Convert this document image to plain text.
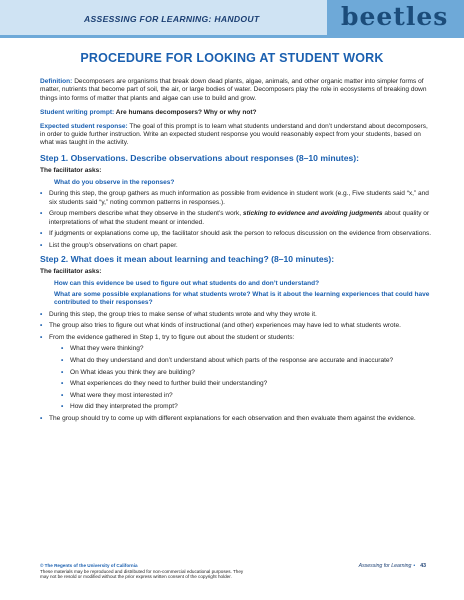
ASSESSING FOR LEARNING: HANDOUT	beetles
PROCEDURE FOR LOOKING AT STUDENT WORK

Definition: Decomposers are organisms that break down dead plants, algae, animals, and other organic matter into simpler forms of matter, nutrients that become part of soil, the air, or large bodies of water. Decomposers play the role in ecosystems of breaking down things into forms of matter that plants and algae can use to build and grow.

Student writing prompt: Are humans decomposers? Why or why not?

Expected student response: The goal of this prompt is to learn what students understand and don’t understand about decomposers, in order to guide further instruction. Write an expected student response you would reasonably expect from your students, based on what was taught in the activity.

Step 1. Observations. Describe observations about responses (8–10 minutes):

The facilitator asks:

What do you observe in the reponses?

• During this step, the group gathers as much information as possible from evidence in student work (e.g., Five students said “x,” and six students said “y,” noting common patterns in responses.).
• Group members describe what they observe in the student’s work, sticking to evidence and avoiding judgments about quality or interpretations of what the student meant or intended.
• If judgments or explanations come up, the facilitator should ask the person to refocus discussion on the evidence from observations.
• List the group’s observations on chart paper.
Step 2. What does it mean about learning and teaching? (8–10 minutes):

The facilitator asks:

How can this evidence be used to figure out what students do and don’t understand?

What are some possible explanations for what students wrote? What is it about the learning experiences that could have contributed to their responses?

• During this step, the group tries to make sense of what students wrote and why they wrote it.
• The group also tries to figure out what kinds of instructional (and other) experiences may have led to what students wrote.
• From the evidence gathered in Step 1, try to figure out about the student or students:
• What they were thinking?
• What do they understand and don’t understand about which parts of the response are accurate and inaccurate?
• On What ideas you think they are building?
• What experiences do they need to further build their understanding?
• What were they most interested in?
• How did they interpreted the prompt?
• The group should try to come up with different explanations for each observation and then evaluate them against the evidence.
© The Regents of the University of California
These materials may be reproduced and distributed for non-commercial educational purposes. They
may not be resold or modified without the prior express written consent of the copyright holder.
Assessing for Learning • 43
